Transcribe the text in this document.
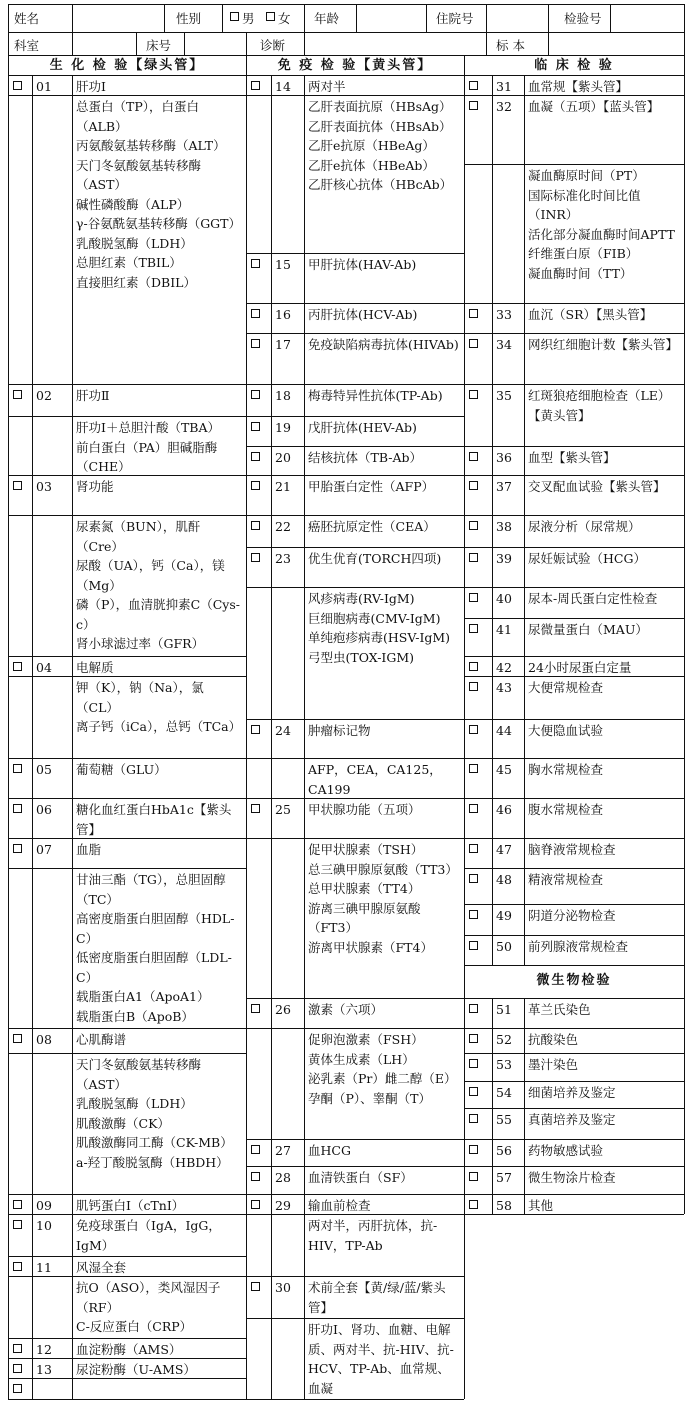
姓名	性别	男	女	年龄	住院号	检验号
科室	床号	诊断	标 本
生 化 检 验【绿头管】	免 疫 检 验【黄头管】	临 床 检 验
01	肝功Ⅰ
总蛋白（TP），白蛋白（ALB）
丙氨酸氨基转移酶（ALT）
天门冬氨酸氨基转移酶（AST）
碱性磷酸酶（ALP）
γ-谷氨酰氨基转移酶（GGT）
乳酸脱氢酶（LDH）
总胆红素（TBIL）
直接胆红素（DBIL）
02	肝功Ⅱ
肝功Ⅰ＋总胆汁酸（TBA）
前白蛋白（PA）胆碱脂酶（CHE）
03	肾功能
尿素氮（BUN），肌酐（Cre）
尿酸（UA），钙（Ca），镁（Mg）
磷（P），血清胱抑素C（Cys-c）
肾小球滤过率（GFR）
04	电解质
钾（K），钠（Na），氯（CL）
离子钙（iCa），总钙（TCa）
05	葡萄糖（GLU）
06	糖化血红蛋白HbA1c【紫头管】
07	血脂
甘油三酯（TG），总胆固醇（TC）
高密度脂蛋白胆固醇（HDL-C）
低密度脂蛋白胆固醇（LDL-C）
载脂蛋白A1（ApoA1）
载脂蛋白B（ApoB）
08	心肌酶谱
天门冬氨酸氨基转移酶（AST）
乳酸脱氢酶（LDH）
肌酸激酶（CK）
肌酸激酶同工酶（CK-MB）
a-羟丁酸脱氢酶（HBDH）
09	肌钙蛋白Ⅰ（cTnI）
10	免疫球蛋白（IgA，IgG，IgM）
11	风湿全套
抗O（ASO），类风湿因子（RF）
C-反应蛋白（CRP）
12	血淀粉酶（AMS）
13	尿淀粉酶（U-AMS）
14	两对半
乙肝表面抗原（HBsAg）
乙肝表面抗体（HBsAb）
乙肝e抗原（HBeAg）
乙肝e抗体（HBeAb）
乙肝核心抗体（HBcAb）
15	甲肝抗体(HAV-Ab)
16	丙肝抗体(HCV-Ab)
17	免疫缺陷病毒抗体(HIVAb)
18	梅毒特异性抗体(TP-Ab)
19	戊肝抗体(HEV-Ab)
20	结核抗体（TB-Ab）
21	甲胎蛋白定性（AFP）
22	癌胚抗原定性（CEA）
23	优生优育(TORCH四项)
风疹病毒(RV-IgM)
巨细胞病毒(CMV-IgM)
单纯疱疹病毒(HSV-IgM)
弓型虫(TOX-IGM)
24	肿瘤标记物
AFP，CEA，CA125，CA199
25	甲状腺功能（五项）
促甲状腺素（TSH）
总三碘甲腺原氨酸（TT3）
总甲状腺素（TT4）
游离三碘甲腺原氨酸（FT3）
游离甲状腺素（FT4）
26	激素（六项）
促卵泡激素（FSH）
黄体生成素（LH）
泌乳素（Pr）雌二醇（E）
孕酮（P）、睾酮（T）
27	血HCG
28	血清铁蛋白（SF）
29	输血前检查
两对半，丙肝抗体，抗-HIV，TP-Ab
30	术前全套【黄/绿/蓝/紫头管】
肝功I、肾功、血糖、电解质、两对半、抗-HIV、抗-HCV、TP-Ab、血常规、血凝
31	血常规【紫头管】
32	血凝（五项）【蓝头管】
凝血酶原时间（PT）
国际标准化时间比值（INR）
活化部分凝血酶时间APTT
纤维蛋白原（FIB）
凝血酶时间（TT）
33	血沉（SR）【黑头管】
34	网织红细胞计数【紫头管】
35	红斑狼疮细胞检查（LE）
【黄头管】
36	血型【紫头管】
37	交叉配血试验【紫头管】
38	尿液分析（尿常规）
39	尿妊娠试验（HCG）
40	尿本-周氏蛋白定性检查
41	尿微量蛋白（MAU）
42	24小时尿蛋白定量
43	大便常规检查
44	大便隐血试验
45	胸水常规检查
46	腹水常规检查
47	脑脊液常规检查
48	精液常规检查
49	阴道分泌物检查
50	前列腺液常规检查
微生物检验
51	革兰氏染色
52	抗酸染色
53	墨汁染色
54	细菌培养及鉴定
55	真菌培养及鉴定
56	药物敏感试验
57	微生物涂片检查
58	其他
